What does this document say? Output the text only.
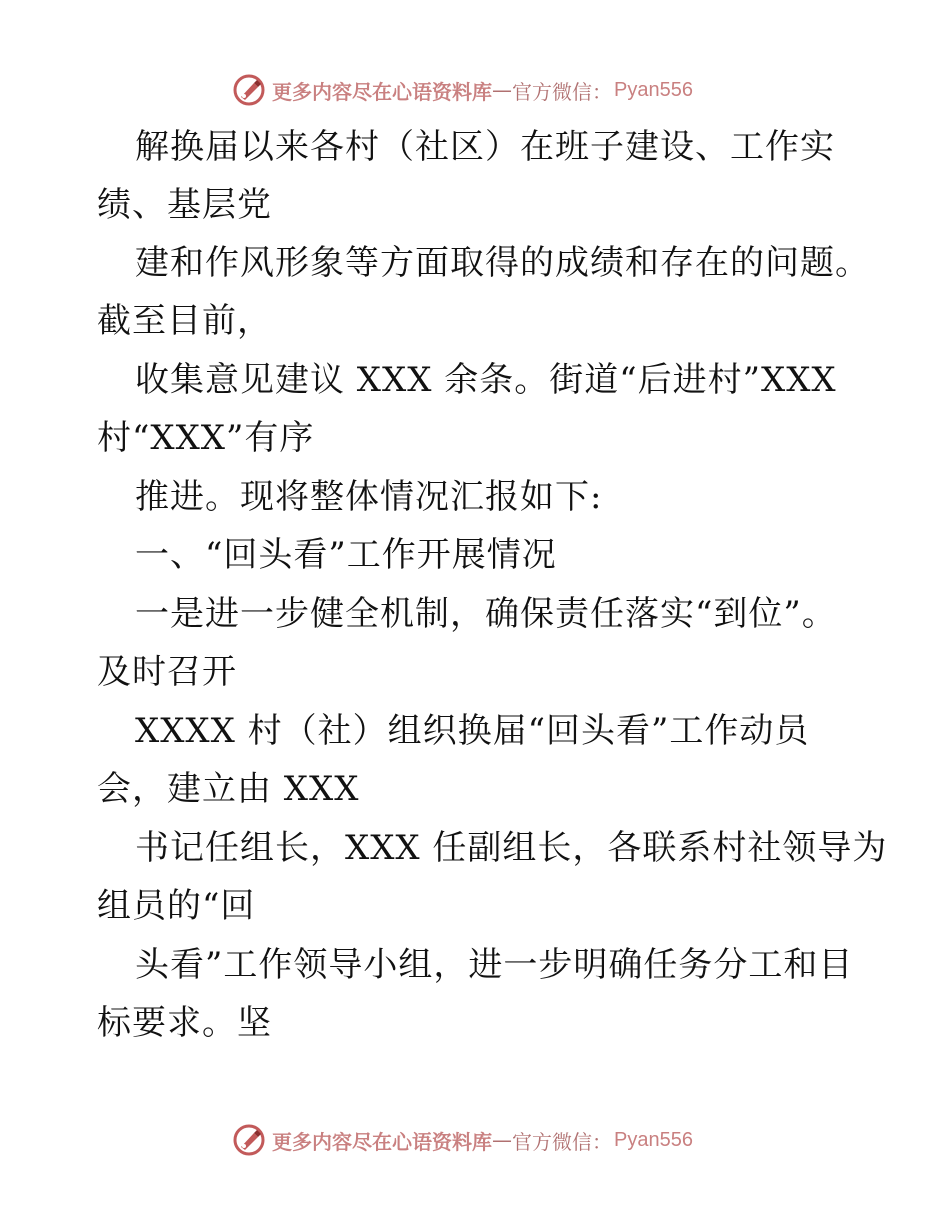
更多内容尽在心语资料库 — 官方微信： Pyan556
解换届以来各村（社区）在班子建设、工作实
绩、基层党
建和作风形象等方面取得的成绩和存在的问题。
截至目前，
收集意见建议 XXX 余条。街道“后进村”XXX
村“XXX”有序
推进。现将整体情况汇报如下:
一、“回头看”工作开展情况
一是进一步健全机制，确保责任落实“到位”。
及时召开
XXXX 村（社）组织换届“回头看”工作动员
会，建立由 XXX
书记任组长，XXX 任副组长，各联系村社领导为
组员的“回
头看”工作领导小组，进一步明确任务分工和目
标要求。坚
更多内容尽在心语资料库 — 官方微信： Pyan556
